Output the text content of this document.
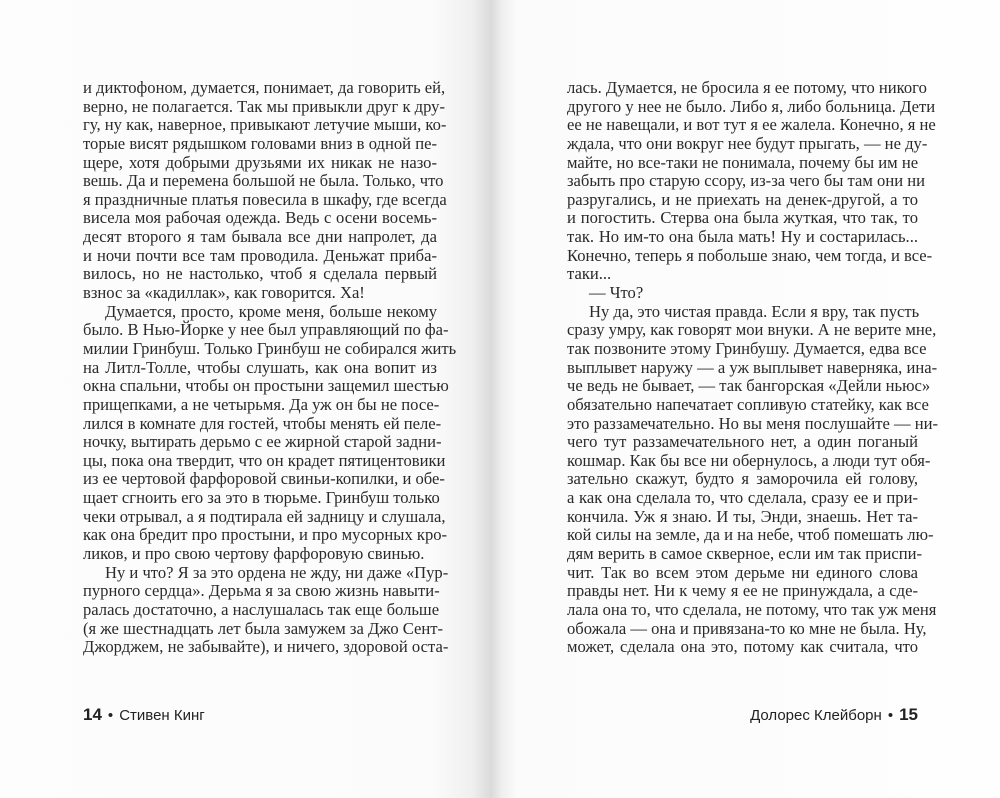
и диктофоном, думается, понимает, да говорить ей,
верно, не полагается. Так мы привыкли друг к дру-
гу, ну как, наверное, привыкают летучие мыши, ко-
торые висят рядышком головами вниз в одной пе-
щере, хотя добрыми друзьями их никак не назо-
вешь. Да и перемена большой не была. Только, что
я праздничные платья повесила в шкафу, где всегда
висела моя рабочая одежда. Ведь с осени восемь-
десят второго я там бывала все дни напролет, да
и ночи почти все там проводила. Деньжат приба-
вилось, но не настолько, чтоб я сделала первый
взнос за «кадиллак», как говорится. Ха!
Думается, просто, кроме меня, больше некому
было. В Нью-Йорке у нее был управляющий по фа-
милии Гринбуш. Только Гринбуш не собирался жить
на Литл-Толле, чтобы слушать, как она вопит из
окна спальни, чтобы он простыни защемил шестью
прищепками, а не четырьмя. Да уж он бы не посе-
лился в комнате для гостей, чтобы менять ей пеле-
ночку, вытирать дерьмо с ее жирной старой задни-
цы, пока она твердит, что он крадет пятицентовики
из ее чертовой фарфоровой свиньи-копилки, и обе-
щает сгноить его за это в тюрьме. Гринбуш только
чеки отрывал, а я подтирала ей задницу и слушала,
как она бредит про простыни, и про мусорных кро-
ликов, и про свою чертову фарфоровую свинью.
Ну и что? Я за это ордена не жду, ни даже «Пур-
пурного сердца». Дерьма я за свою жизнь навыти-
ралась достаточно, а наслушалась так еще больше
(я же шестнадцать лет была замужем за Джо Сент-
Джорджем, не забывайте), и ничего, здоровой оста-
14 • Стивен Кинг
лась. Думается, не бросила я ее потому, что никого
другого у нее не было. Либо я, либо больница. Дети
ее не навещали, и вот тут я ее жалела. Конечно, я не
ждала, что они вокруг нее будут прыгать, — не ду-
майте, но все-таки не понимала, почему бы им не
забыть про старую ссору, из-за чего бы там они ни
разругались, и не приехать на денек-другой, а то
и погостить. Стерва она была жуткая, что так, то
так. Но им-то она была мать! Ну и состарилась...
Конечно, теперь я побольше знаю, чем тогда, и все-
таки...
— Что?
Ну да, это чистая правда. Если я вру, так пусть
сразу умру, как говорят мои внуки. А не верите мне,
так позвоните этому Гринбушу. Думается, едва все
выплывет наружу — а уж выплывет наверняка, ина-
че ведь не бывает, — так бангорская «Дейли ньюс»
обязательно напечатает сопливую статейку, как все
это раззамечательно. Но вы меня послушайте — ни-
чего тут раззамечательного нет, а один поганый
кошмар. Как бы все ни обернулось, а люди тут обя-
зательно скажут, будто я заморочила ей голову,
а как она сделала то, что сделала, сразу ее и при-
кончила. Уж я знаю. И ты, Энди, знаешь. Нет та-
кой силы на земле, да и на небе, чтоб помешать лю-
дям верить в самое скверное, если им так приспи-
чит. Так во всем этом дерьме ни единого слова
правды нет. Ни к чему я ее не принуждала, а сде-
лала она то, что сделала, не потому, что так уж меня
обожала — она и привязана-то ко мне не была. Ну,
может, сделала она это, потому как считала, что
Долорес Клейборн • 15
